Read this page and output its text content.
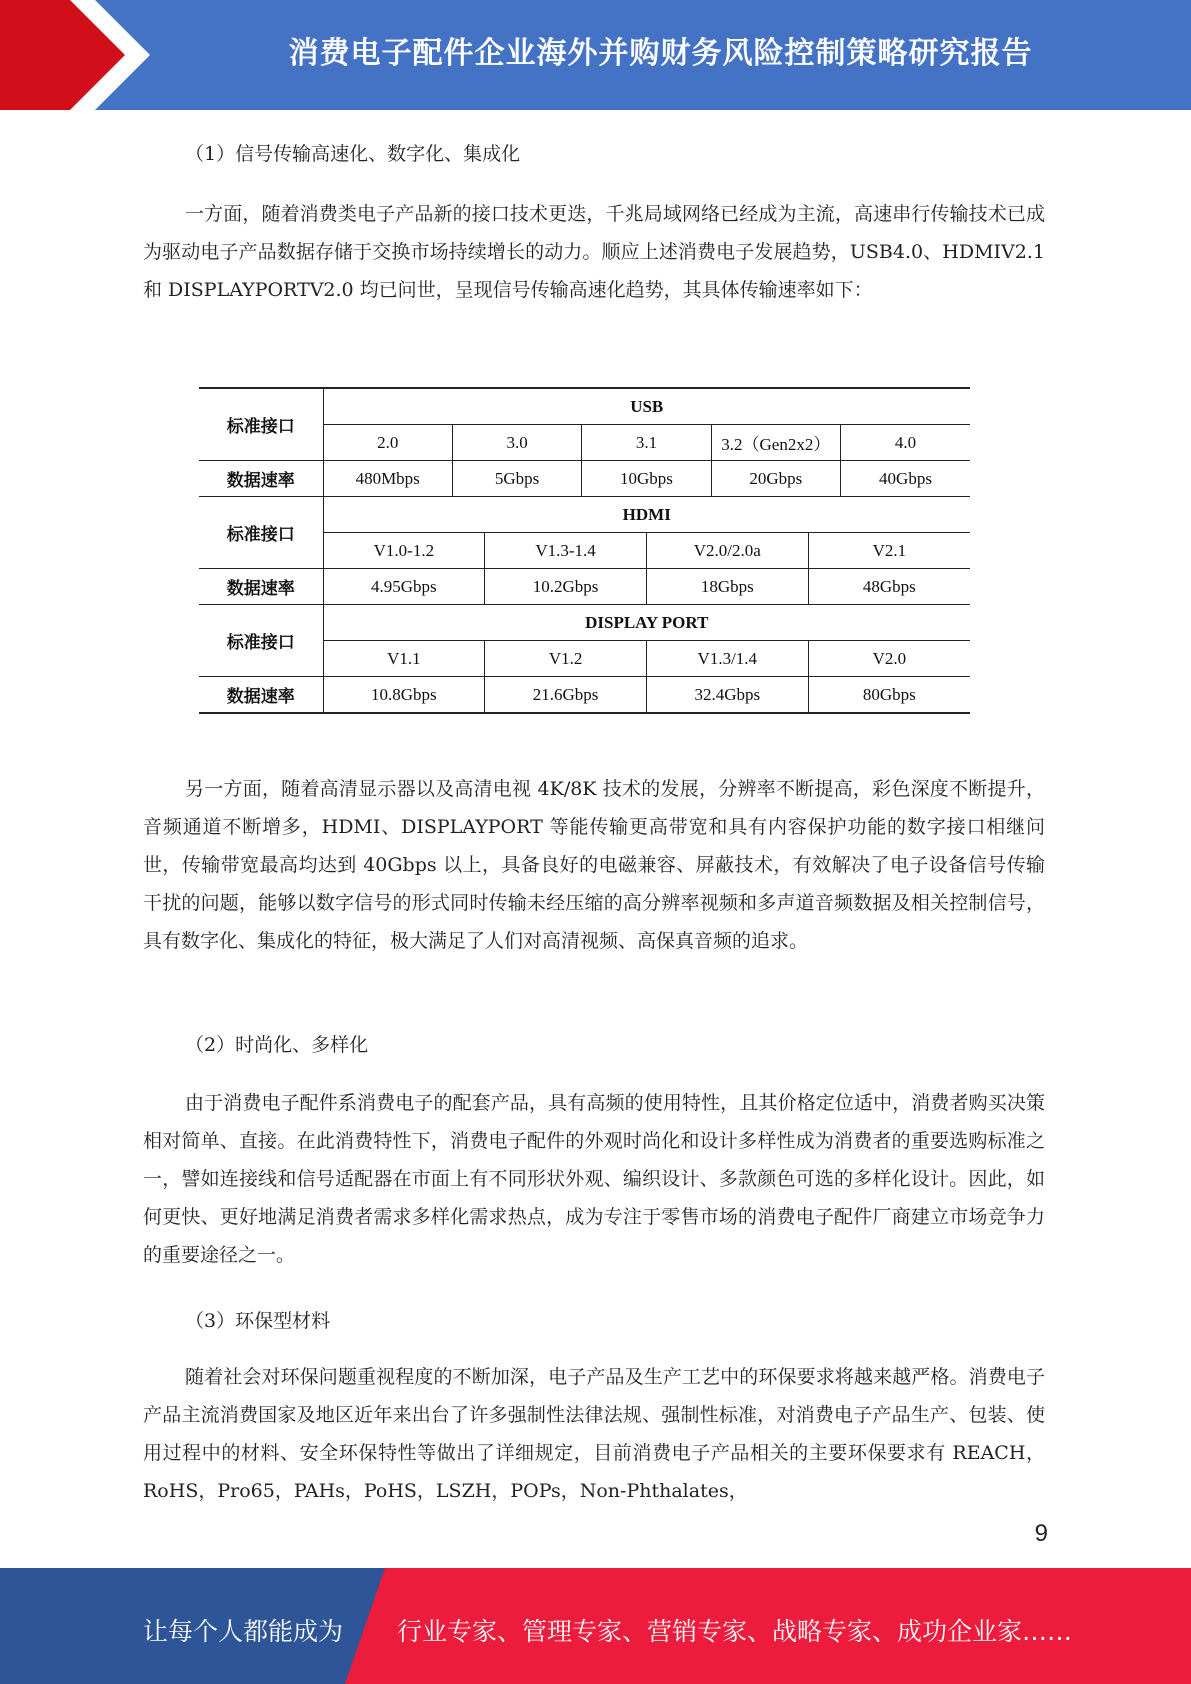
消费电子配件企业海外并购财务风险控制策略研究报告
（1）信号传输高速化、数字化、集成化

一方面，随着消费类电子产品新的接口技术更迭，千兆局域网络已经成为主流，高速串行传输技术已成为驱动电子产品数据存储于交换市场持续增长的动力。顺应上述消费电子发展趋势，USB4.0、HDMIV2.1 和 DISPLAYPORTV2.0 均已问世，呈现信号传输高速化趋势，其具体传输速率如下：

标准接口	USB							
	2.0	3.0		3.1		3.2（Gen2x2）		4.0
数据速率	480Mbps	5Gbps		10Gbps		20Gbps		40Gbps
标准接口	HDMI							
	V1.0-1.2		V1.3-1.4		V2.0/2.0a		V2.1	
数据速率	4.95Gbps		10.2Gbps		18Gbps		48Gbps	
标准接口	DISPLAY PORT							
	V1.1		V1.2		V1.3/1.4		V2.0	
数据速率	10.8Gbps		21.6Gbps		32.4Gbps		80Gbps	

另一方面，随着高清显示器以及高清电视 4K/8K 技术的发展，分辨率不断提高，彩色深度不断提升，音频通道不断增多，HDMI、DISPLAYPORT 等能传输更高带宽和具有内容保护功能的数字接口相继问世，传输带宽最高均达到 40Gbps 以上，具备良好的电磁兼容、屏蔽技术，有效解决了电子设备信号传输干扰的问题，能够以数字信号的形式同时传输未经压缩的高分辨率视频和多声道音频数据及相关控制信号，具有数字化、集成化的特征，极大满足了人们对高清视频、高保真音频的追求。

（2）时尚化、多样化

由于消费电子配件系消费电子的配套产品，具有高频的使用特性，且其价格定位适中，消费者购买决策相对简单、直接。在此消费特性下，消费电子配件的外观时尚化和设计多样性成为消费者的重要选购标准之一，譬如连接线和信号适配器在市面上有不同形状外观、编织设计、多款颜色可选的多样化设计。因此，如何更快、更好地满足消费者需求多样化需求热点，成为专注于零售市场的消费电子配件厂商建立市场竞争力的重要途径之一。

（3）环保型材料

随着社会对环保问题重视程度的不断加深，电子产品及生产工艺中的环保要求将越来越严格。消费电子产品主流消费国家及地区近年来出台了许多强制性法律法规、强制性标准，对消费电子产品生产、包装、使用过程中的材料、安全环保特性等做出了详细规定，目前消费电子产品相关的主要环保要求有 REACH，RoHS，Pro65，PAHs，PoHS，LSZH，POPs，Non-Phthalates，

9
让每个人都能成为 行业专家、管理专家、营销专家、战略专家、成功企业家……
